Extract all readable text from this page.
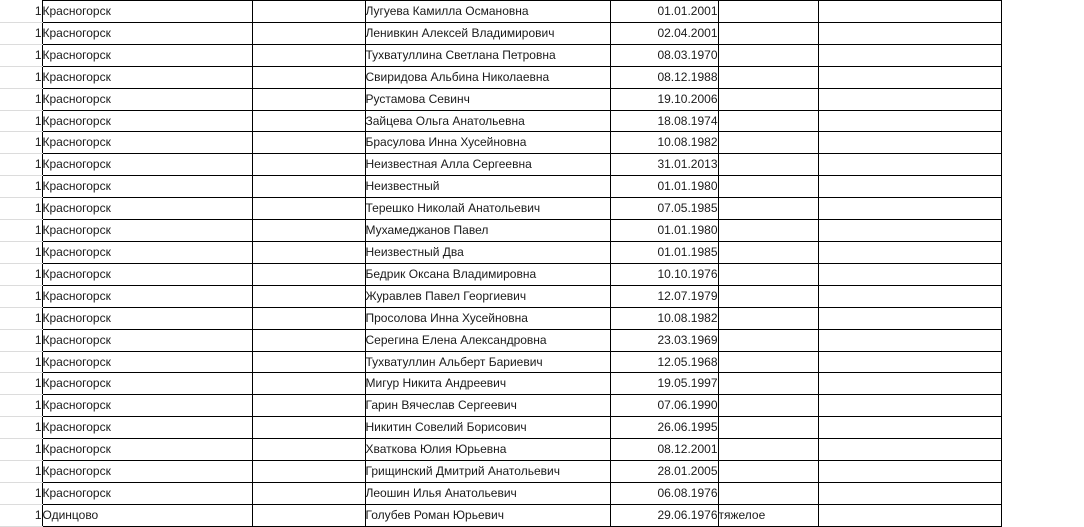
	1	Красногорск		Лугуева Камилла Османовна	01.01.2001		
	1	Красногорск		Ленивкин Алексей Владимирович	02.04.2001		
	1	Красногорск		Тухватуллина Светлана Петровна	08.03.1970		
	1	Красногорск		Свиридова Альбина Николаевна	08.12.1988		
	1	Красногорск		Рустамова Севинч	19.10.2006		
	1	Красногорск		Зайцева Ольга Анатольевна	18.08.1974		
	1	Красногорск		Брасулова Инна Хусейновна	10.08.1982		
	1	Красногорск		Неизвестная Алла Сергеевна	31.01.2013		
	1	Красногорск		Неизвестный	01.01.1980		
	1	Красногорск		Терешко Николай Анатольевич	07.05.1985		
	1	Красногорск		Мухамеджанов Павел	01.01.1980		
	1	Красногорск		Неизвестный Два	01.01.1985		
	1	Красногорск		Бедрик Оксана Владимировна	10.10.1976		
	1	Красногорск		Журавлев Павел Георгиевич	12.07.1979		
	1	Красногорск		Просолова Инна Хусейновна	10.08.1982		
	1	Красногорск		Серегина Елена Александровна	23.03.1969		
	1	Красногорск		Тухватуллин Альберт Бариевич	12.05.1968		
	1	Красногорск		Мигур Никита Андреевич	19.05.1997		
	1	Красногорск		Гарин Вячеслав Сергеевич	07.06.1990		
	1	Красногорск		Никитин Совелий Борисович	26.06.1995		
	1	Красногорск		Хваткова Юлия Юрьевна	08.12.2001		
	1	Красногорск		Грищинский Дмитрий Анатольевич	28.01.2005		
	1	Красногорск		Леошин Илья Анатольевич	06.08.1976		
	1	Одинцово		Голубев Роман Юрьевич	29.06.1976	тяжелое	
